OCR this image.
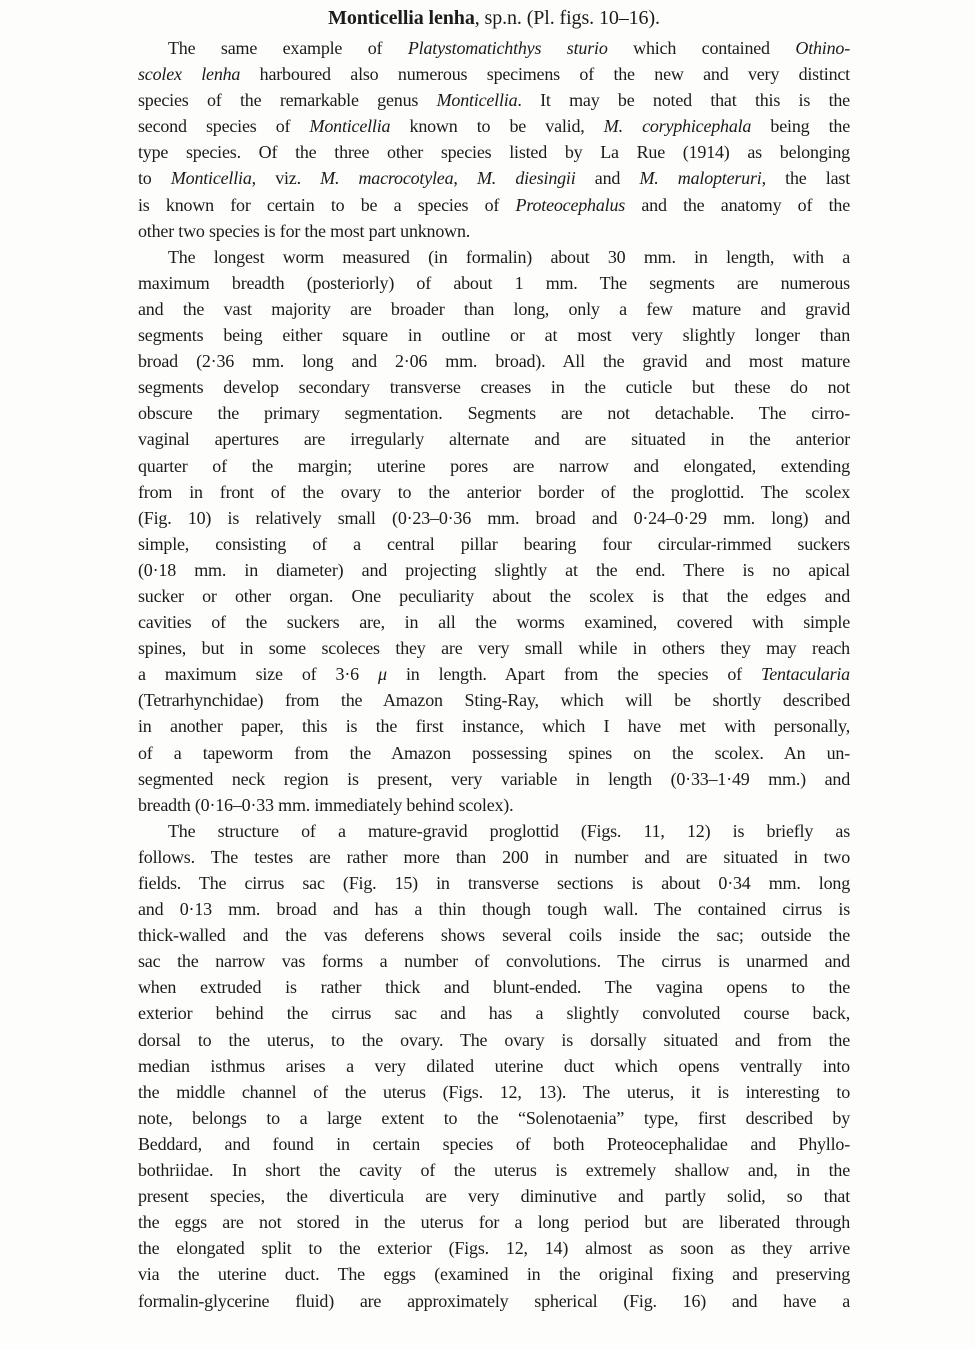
Monticellia lenha, sp.n. (Pl. figs. 10–16).
The same example of Platystomatichthys sturio which contained Othino-
scolex lenha harboured also numerous specimens of the new and very distinct
species of the remarkable genus Monticellia. It may be noted that this is the
second species of Monticellia known to be valid, M. coryphicephala being the
type species. Of the three other species listed by La Rue (1914) as belonging
to Monticellia, viz. M. macrocotylea, M. diesingii and M. malopteruri, the last
is known for certain to be a species of Proteocephalus and the anatomy of the
other two species is for the most part unknown.
The longest worm measured (in formalin) about 30 mm. in length, with a
maximum breadth (posteriorly) of about 1 mm. The segments are numerous
and the vast majority are broader than long, only a few mature and gravid
segments being either square in outline or at most very slightly longer than
broad (2·36 mm. long and 2·06 mm. broad). All the gravid and most mature
segments develop secondary transverse creases in the cuticle but these do not
obscure the primary segmentation. Segments are not detachable. The cirro-
vaginal apertures are irregularly alternate and are situated in the anterior
quarter of the margin; uterine pores are narrow and elongated, extending
from in front of the ovary to the anterior border of the proglottid. The scolex
(Fig. 10) is relatively small (0·23–0·36 mm. broad and 0·24–0·29 mm. long) and
simple, consisting of a central pillar bearing four circular-rimmed suckers
(0·18 mm. in diameter) and projecting slightly at the end. There is no apical
sucker or other organ. One peculiarity about the scolex is that the edges and
cavities of the suckers are, in all the worms examined, covered with simple
spines, but in some scoleces they are very small while in others they may reach
a maximum size of 3·6 μ in length. Apart from the species of Tentacularia
(Tetrarhynchidae) from the Amazon Sting-Ray, which will be shortly described
in another paper, this is the first instance, which I have met with personally,
of a tapeworm from the Amazon possessing spines on the scolex. An un-
segmented neck region is present, very variable in length (0·33–1·49 mm.) and
breadth (0·16–0·33 mm. immediately behind scolex).
The structure of a mature-gravid proglottid (Figs. 11, 12) is briefly as
follows. The testes are rather more than 200 in number and are situated in two
fields. The cirrus sac (Fig. 15) in transverse sections is about 0·34 mm. long
and 0·13 mm. broad and has a thin though tough wall. The contained cirrus is
thick-walled and the vas deferens shows several coils inside the sac; outside the
sac the narrow vas forms a number of convolutions. The cirrus is unarmed and
when extruded is rather thick and blunt-ended. The vagina opens to the
exterior behind the cirrus sac and has a slightly convoluted course back,
dorsal to the uterus, to the ovary. The ovary is dorsally situated and from the
median isthmus arises a very dilated uterine duct which opens ventrally into
the middle channel of the uterus (Figs. 12, 13). The uterus, it is interesting to
note, belongs to a large extent to the “Solenotaenia” type, first described by
Beddard, and found in certain species of both Proteocephalidae and Phyllo-
bothriidae. In short the cavity of the uterus is extremely shallow and, in the
present species, the diverticula are very diminutive and partly solid, so that
the eggs are not stored in the uterus for a long period but are liberated through
the elongated split to the exterior (Figs. 12, 14) almost as soon as they arrive
via the uterine duct. The eggs (examined in the original fixing and preserving
formalin-glycerine fluid) are approximately spherical (Fig. 16) and have a
